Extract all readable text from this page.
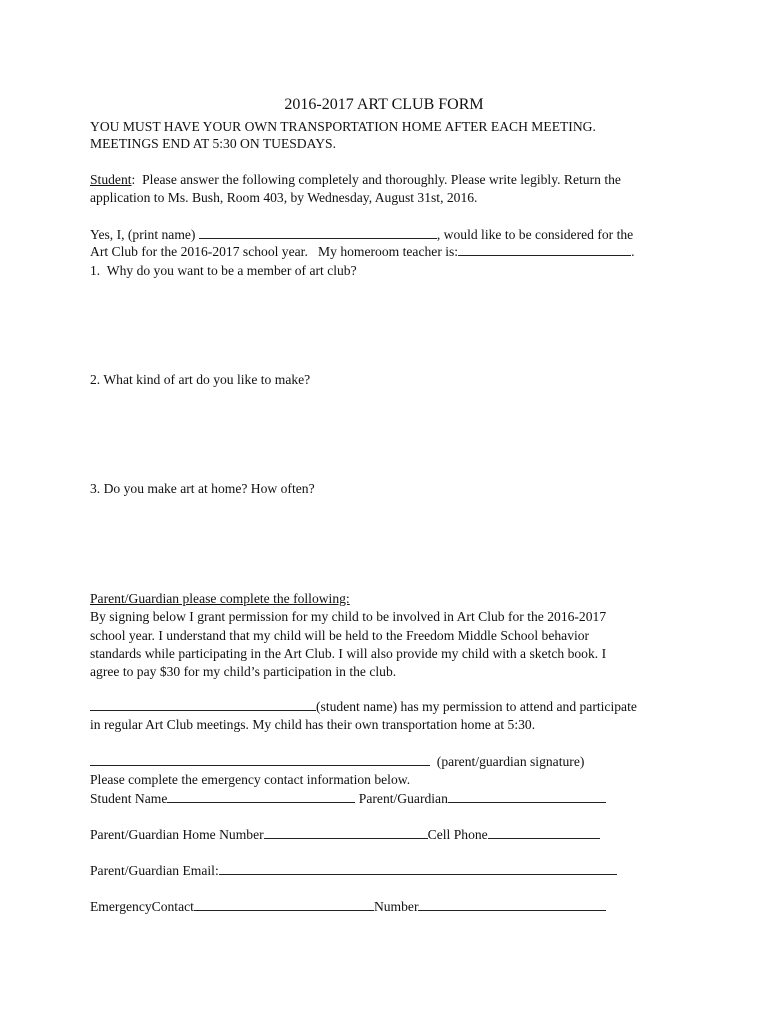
2016-2017 ART CLUB FORM

YOU MUST HAVE YOUR OWN TRANSPORTATION HOME AFTER EACH MEETING.

MEETINGS END AT 5:30 ON TUESDAYS.

Student:  Please answer the following completely and thoroughly. Please write legibly. Return the

application to Ms. Bush, Room 403, by Wednesday, August 31st, 2016.

Yes, I, (print name)	, would like to be considered for the

Art Club for the 2016-2017 school year.   My homeroom teacher is:	.

1.  Why do you want to be a member of art club?

2. What kind of art do you like to make?

3. Do you make art at home? How often?

Parent/Guardian please complete the following:

By signing below I grant permission for my child to be involved in Art Club for the 2016-2017

school year. I understand that my child will be held to the Freedom Middle School behavior

standards while participating in the Art Club. I will also provide my child with a sketch book. I

agree to pay $30 for my child’s participation in the club.

(student name) has my permission to attend and participate

in regular Art Club meetings. My child has their own transportation home at 5:30.

(parent/guardian signature)

Please complete the emergency contact information below.

Student Name	Parent/Guardian

Parent/Guardian Home Number	Cell Phone

Parent/Guardian Email:

EmergencyContact	Number
